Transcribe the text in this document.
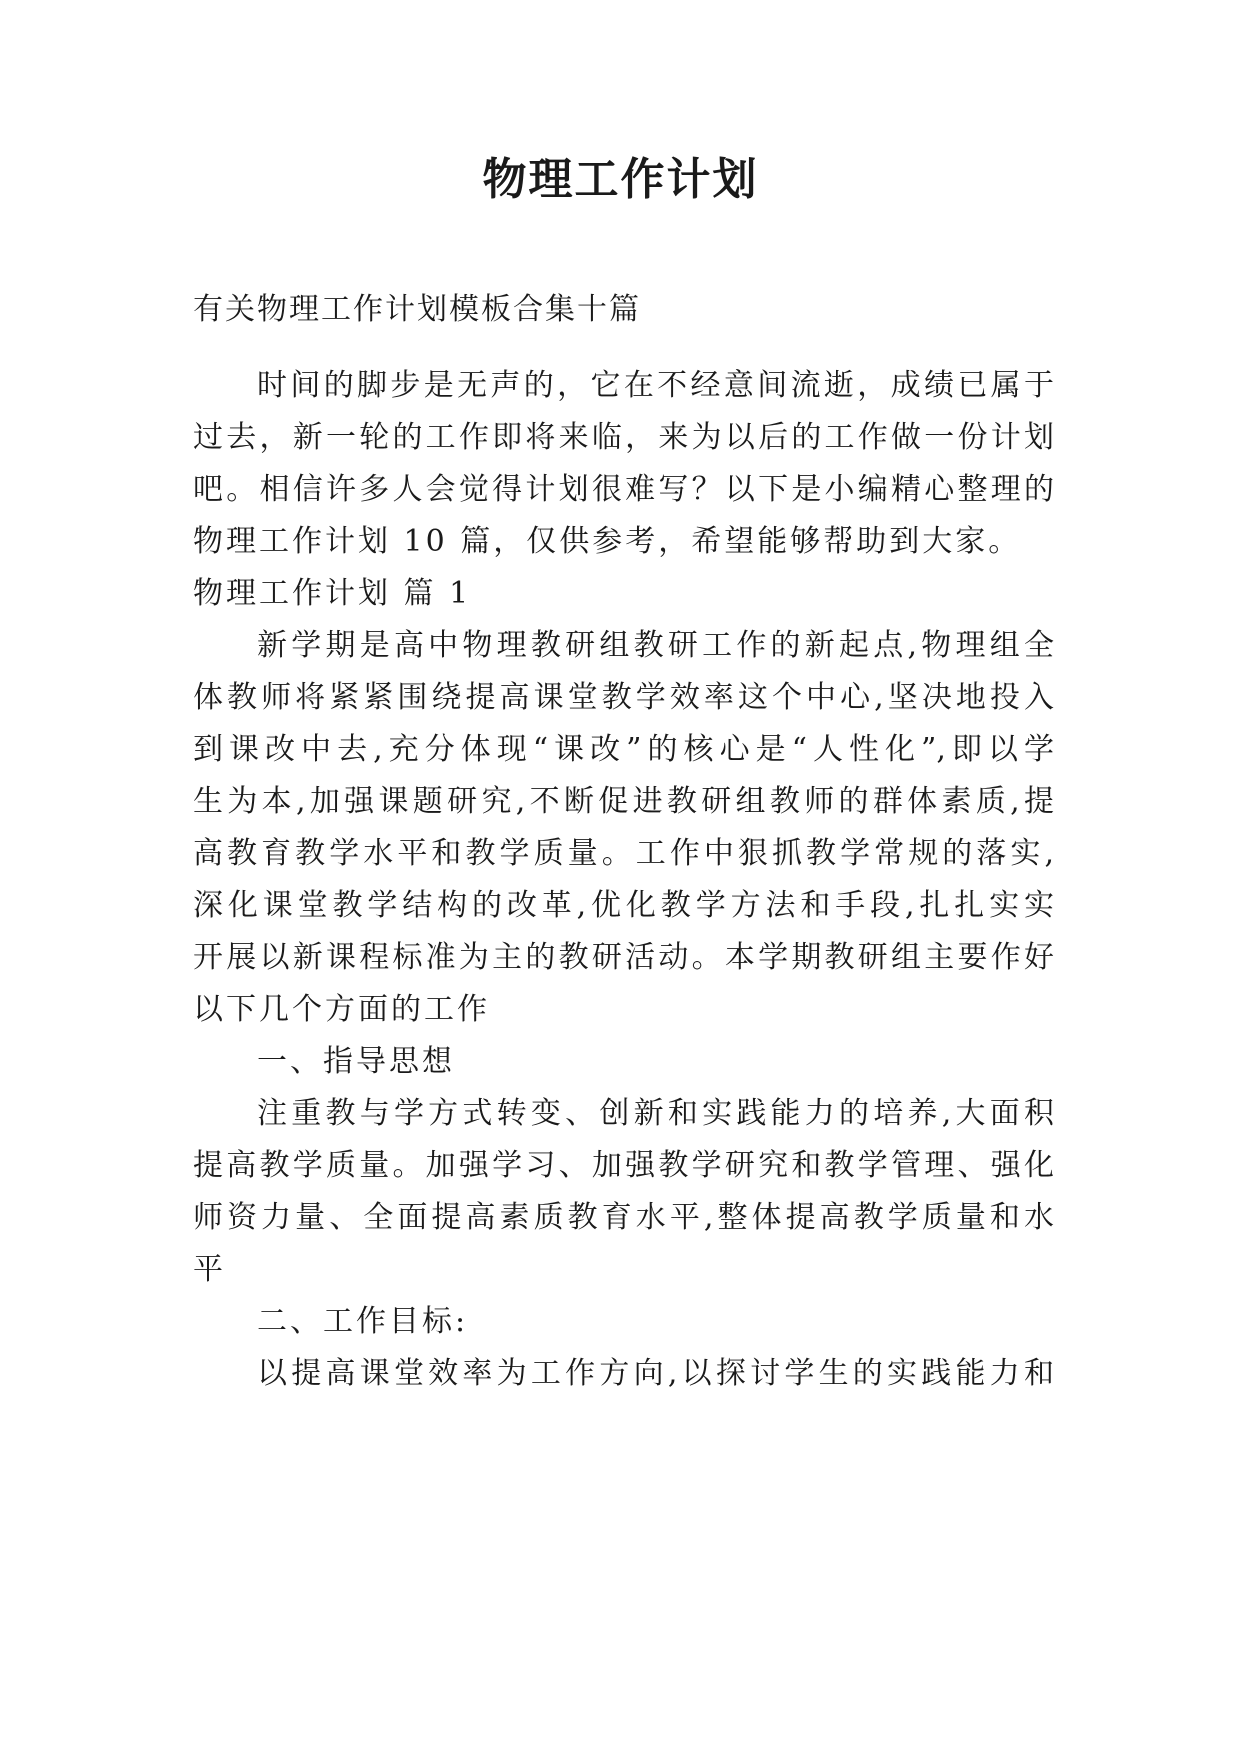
物理工作计划

有关物理工作计划模板合集十篇

时间的脚步是无声的，它在不经意间流逝，成绩已属于

过去，新一轮的工作即将来临，来为以后的工作做一份计划

吧。相信许多人会觉得计划很难写？以下是小编精心整理的

物理工作计划 10 篇，仅供参考，希望能够帮助到大家。

物理工作计划 篇 1

新学期是高中物理教研组教研工作的新起点,物理组全

体教师将紧紧围绕提高课堂教学效率这个中心,坚决地投入

到课改中去,充分体现“课改”的核心是“人性化”,即以学

生为本,加强课题研究,不断促进教研组教师的群体素质,提

高教育教学水平和教学质量。工作中狠抓教学常规的落实,

深化课堂教学结构的改革,优化教学方法和手段,扎扎实实

开展以新课程标准为主的教研活动。本学期教研组主要作好

以下几个方面的工作

一、指导思想

注重教与学方式转变、创新和实践能力的培养,大面积

提高教学质量。加强学习、加强教学研究和教学管理、强化

师资力量、全面提高素质教育水平,整体提高教学质量和水

平

二、工作目标:

以提高课堂效率为工作方向,以探讨学生的实践能力和
